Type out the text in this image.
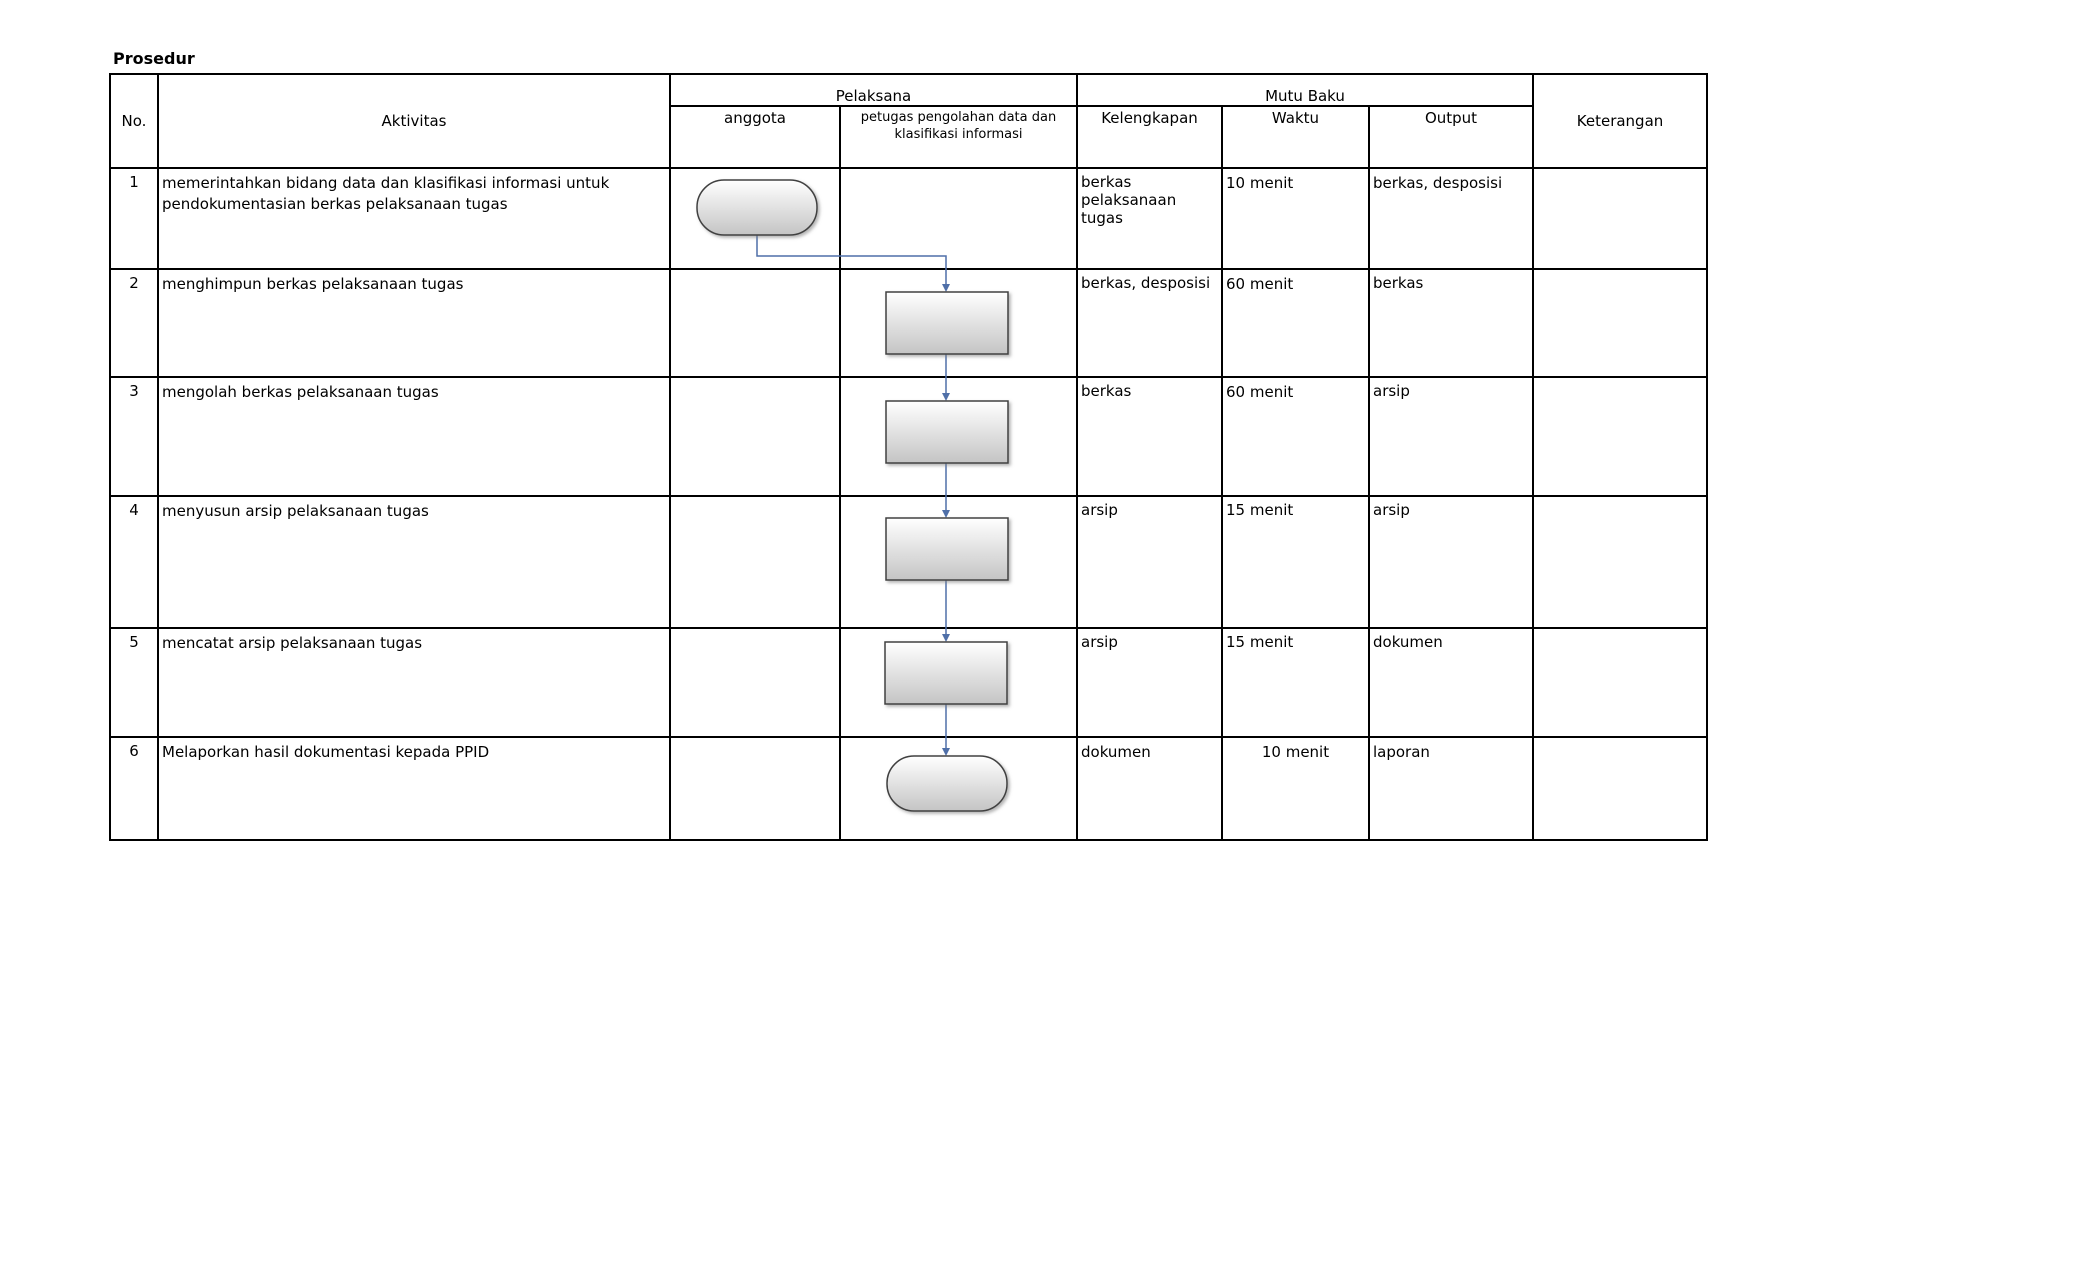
Prosedur
No.	Aktivitas	Pelaksana		Mutu Baku			Keterangan
		anggota	petugas pengolahan data dan klasifikasi informasi	Kelengkapan	Waktu	Output	
1	memerintahkan bidang data dan klasifikasi informasi untuk pendokumentasian berkas pelaksanaan tugas			berkas pelaksanaan tugas	10 menit	berkas, desposisi	
2	menghimpun berkas pelaksanaan tugas			berkas, desposisi	60 menit	berkas	
3	mengolah berkas pelaksanaan tugas			berkas	60 menit	arsip	
4	menyusun arsip pelaksanaan tugas			arsip	15 menit	arsip	
5	mencatat arsip pelaksanaan tugas			arsip	15 menit	dokumen	
6	Melaporkan hasil dokumentasi kepada PPID			dokumen	10 menit	laporan	
